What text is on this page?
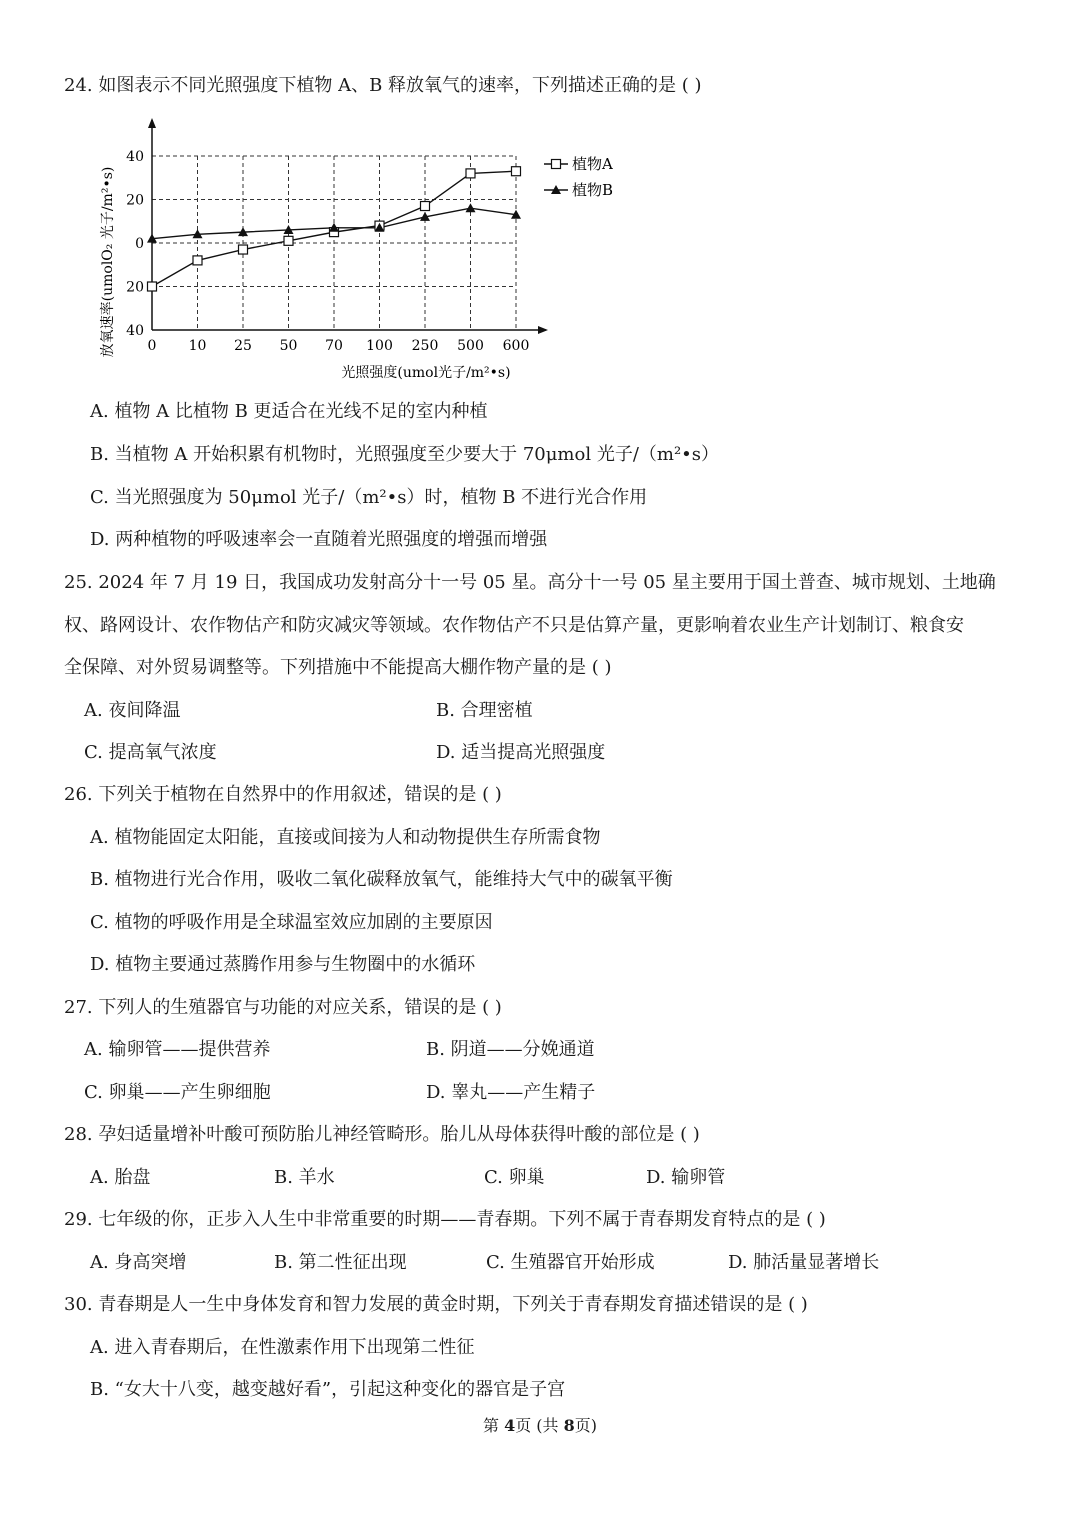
24. 如图表示不同光照强度下植物 A、B 释放氧气的速率，下列描述正确的是 ( )
40
20
0
20
40
0 10 25 50 70 100 250 500 600
植物A
植物B
放氧速率(umolO₂ 光子/m²•s)
光照强度(umol光子/m²•s)
A. 植物 A 比植物 B 更适合在光线不足的室内种植
B. 当植物 A 开始积累有机物时，光照强度至少要大于 70μmol 光子/（m²•s）
C. 当光照强度为 50μmol 光子/（m²•s）时，植物 B 不进行光合作用
D. 两种植物的呼吸速率会一直随着光照强度的增强而增强
25. 2024 年 7 月 19 日，我国成功发射高分十一号 05 星。高分十一号 05 星主要用于国土普查、城市规划、土地确
权、路网设计、农作物估产和防灾减灾等领域。农作物估产不只是估算产量，更影响着农业生产计划制订、粮食安
全保障、对外贸易调整等。下列措施中不能提高大棚作物产量的是 ( )
A. 夜间降温	B. 合理密植
C. 提高氧气浓度	D. 适当提高光照强度
26. 下列关于植物在自然界中的作用叙述，错误的是 ( )
A. 植物能固定太阳能，直接或间接为人和动物提供生存所需食物
B. 植物进行光合作用，吸收二氧化碳释放氧气，能维持大气中的碳氧平衡
C. 植物的呼吸作用是全球温室效应加剧的主要原因
D. 植物主要通过蒸腾作用参与生物圈中的水循环
27. 下列人的生殖器官与功能的对应关系，错误的是 ( )
A. 输卵管——提供营养	B. 阴道——分娩通道
C. 卵巢——产生卵细胞	D. 睾丸——产生精子
28. 孕妇适量增补叶酸可预防胎儿神经管畸形。胎儿从母体获得叶酸的部位是 ( )
A. 胎盘	B. 羊水	C. 卵巢	D. 输卵管
29. 七年级的你，正步入人生中非常重要的时期——青春期。下列不属于青春期发育特点的是 ( )
A. 身高突增	B. 第二性征出现	C. 生殖器官开始形成	D. 肺活量显著增长
30. 青春期是人一生中身体发育和智力发展的黄金时期，下列关于青春期发育描述错误的是 ( )
A. 进入青春期后，在性激素作用下出现第二性征
B. “女大十八变，越变越好看”，引起这种变化的器官是子宫
第 4页 (共 8页)
